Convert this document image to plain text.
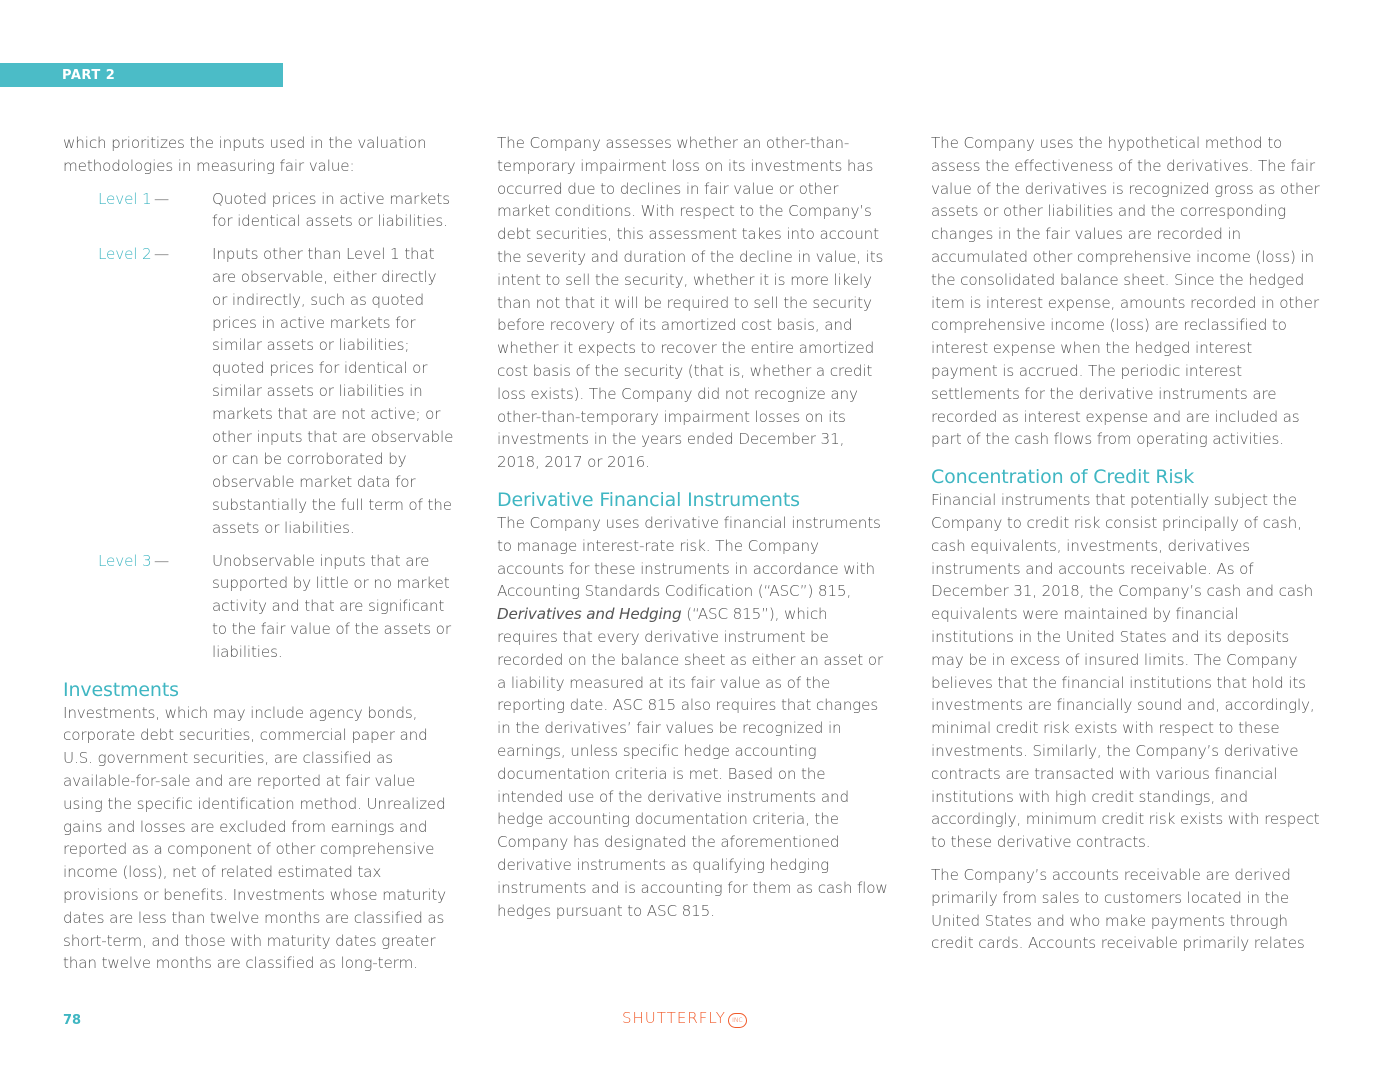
PART 2

which prioritizes the inputs used in the valuation methodologies in measuring fair value:

Level 1 —	Quoted prices in active markets for identical assets or liabilities.
Level 2 —	Inputs other than Level 1 that are observable, either directly or indirectly, such as quoted prices in active markets for similar assets or liabilities; quoted prices for identical or similar assets or liabilities in markets that are not active; or other inputs that are observable or can be corroborated by observable market data for substantially the full term of the assets or liabilities.
Level 3 —	Unobservable inputs that are supported by little or no market activity and that are significant to the fair value of the assets or liabilities.
Investments

Investments, which may include agency bonds, corporate debt securities, commercial paper and U.S. government securities, are classified as available-for-sale and are reported at fair value using the specific identification method. Unrealized gains and losses are excluded from earnings and reported as a component of other comprehensive income (loss), net of related estimated tax provisions or benefits. Investments whose maturity dates are less than twelve months are classified as short-term, and those with maturity dates greater than twelve months are classified as long-term.

The Company assesses whether an other-than-temporary impairment loss on its investments has occurred due to declines in fair value or other market conditions. With respect to the Company’s debt securities, this assessment takes into account the severity and duration of the decline in value, its intent to sell the security, whether it is more likely than not that it will be required to sell the security before recovery of its amortized cost basis, and whether it expects to recover the entire amortized cost basis of the security (that is, whether a credit loss exists). The Company did not recognize any other-than-temporary impairment losses on its investments in the years ended December 31, 2018, 2017 or 2016.

Derivative Financial Instruments

The Company uses derivative financial instruments to manage interest-rate risk. The Company accounts for these instruments in accordance with Accounting Standards Codification (“ASC”) 815, Derivatives and Hedging (“ASC 815”), which requires that every derivative instrument be recorded on the balance sheet as either an asset or a liability measured at its fair value as of the reporting date. ASC 815 also requires that changes in the derivatives’ fair values be recognized in earnings, unless specific hedge accounting documentation criteria is met. Based on the intended use of the derivative instruments and hedge accounting documentation criteria, the Company has designated the aforementioned derivative instruments as qualifying hedging instruments and is accounting for them as cash flow hedges pursuant to ASC 815.

The Company uses the hypothetical method to assess the effectiveness of the derivatives. The fair value of the derivatives is recognized gross as other assets or other liabilities and the corresponding changes in the fair values are recorded in accumulated other comprehensive income (loss) in the consolidated balance sheet. Since the hedged item is interest expense, amounts recorded in other comprehensive income (loss) are reclassified to interest expense when the hedged interest payment is accrued. The periodic interest settlements for the derivative instruments are recorded as interest expense and are included as part of the cash flows from operating activities.

Concentration of Credit Risk

Financial instruments that potentially subject the Company to credit risk consist principally of cash, cash equivalents, investments, derivatives instruments and accounts receivable. As of December 31, 2018, the Company’s cash and cash equivalents were maintained by financial institutions in the United States and its deposits may be in excess of insured limits. The Company believes that the financial institutions that hold its investments are financially sound and, accordingly, minimal credit risk exists with respect to these investments. Similarly, the Company’s derivative contracts are transacted with various financial institutions with high credit standings, and accordingly, minimum credit risk exists with respect to these derivative contracts.

The Company’s accounts receivable are derived primarily from sales to customers located in the United States and who make payments through credit cards. Accounts receivable primarily relates

78	SHUTTERFLY INC
